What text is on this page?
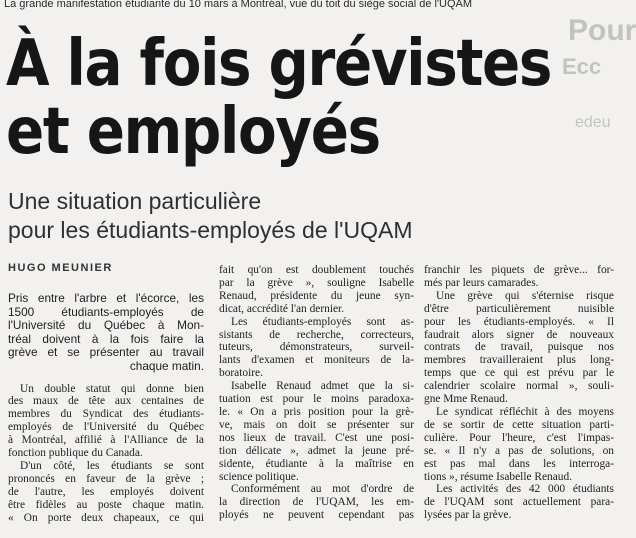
La grande manifestation étudiante du 10 mars à Montréal, vue du toit du siège social de l'UQAM
Pour
Ecc
edeu
À la fois grévistes
et employés
Une situation particulière
pour les étudiants-employés de l'UQAM
HUGO MEUNIER

Pris entre l'arbre et l'écorce, les
1500 étudiants-employés de
l'Université du Québec à Mon-
tréal doivent à la fois faire la
grève et se présenter au travail
chaque matin.

Un double statut qui donne bien
des maux de tête aux centaines de
membres du Syndicat des étudiants-
employés de l'Université du Québec
à Montréal, affilié à l'Alliance de la
fonction publique du Canada.

D'un côté, les étudiants se sont
prononcés en faveur de la grève ;
de l'autre, les employés doivent
être fidèles au poste chaque matin.
« On porte deux chapeaux, ce qui

fait qu'on est doublement touchés
par la grève », souligne Isabelle
Renaud, présidente du jeune syn-
dicat, accrédité l'an dernier.

Les étudiants-employés sont as-
sistants de recherche, correcteurs,
tuteurs, démonstrateurs, surveil-
lants d'examen et moniteurs de la-
boratoire.

Isabelle Renaud admet que la si-
tuation est pour le moins paradoxa-
le. « On a pris position pour la grè-
ve, mais on doit se présenter sur
nos lieux de travail. C'est une posi-
tion délicate », admet la jeune pré-
sidente, étudiante à la maîtrise en
science politique.

Conformément au mot d'ordre de
la direction de l'UQAM, les em-
ployés ne peuvent cependant pas

franchir les piquets de grève... for-
més par leurs camarades.

Une grève qui s'éternise risque
d'être particulièrement nuisible
pour les étudiants-employés. « Il
faudrait alors signer de nouveaux
contrats de travail, puisque nos
membres travailleraient plus long-
temps que ce qui est prévu par le
calendrier scolaire normal », souli-
gne Mme Renaud.

Le syndicat réfléchit à des moyens
de se sortir de cette situation parti-
culière. Pour l'heure, c'est l'impas-
se. « Il n'y a pas de solutions, on
est pas mal dans les interroga-
tions », résume Isabelle Renaud.

Les activités des 42 000 étudiants
de l'UQAM sont actuellement para-
lysées par la grève.
